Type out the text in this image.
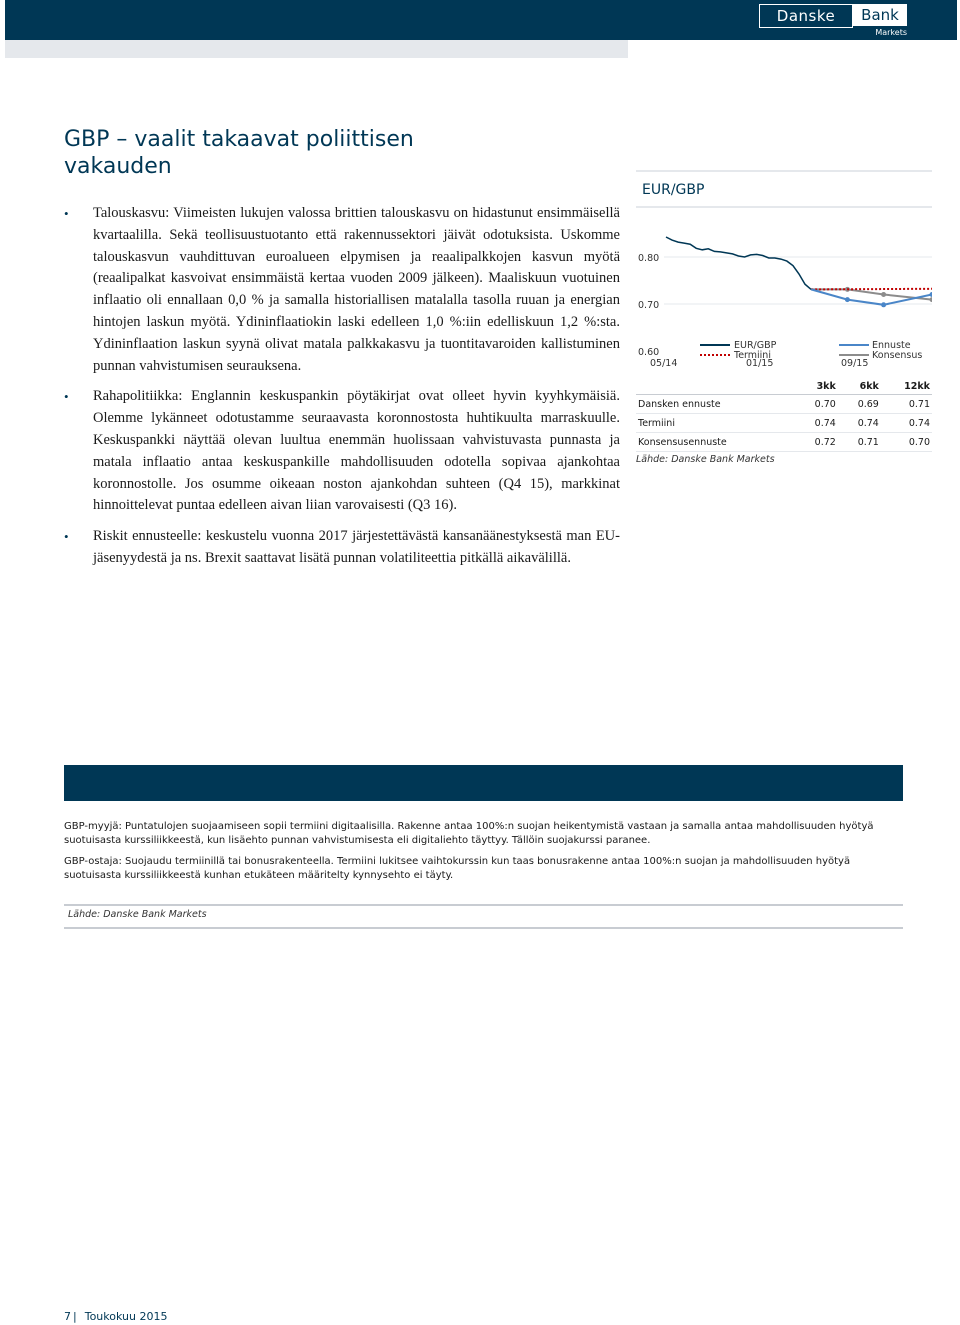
Danske	Bank
Markets
GBP – vaalit takaavat poliittisen vakauden
• Talouskasvu: Viimeisten lukujen valossa brittien talouskasvu on hidastunut ensimmäisellä kvartaalilla. Sekä teollisuustuotanto että rakennussektori jäivät odotuksista. Uskomme talouskasvun vauhdittuvan euroalueen elpymisen ja reaalipalkkojen kasvun myötä (reaalipalkat kasvoivat ensimmäistä kertaa vuoden 2009 jälkeen). Maaliskuun vuotuinen inflaatio oli ennallaan 0,0 % ja samalla historiallisen matalalla tasolla ruuan ja energian hintojen laskun myötä. Ydininflaatiokin laski edelleen 1,0 %:iin edelliskuun 1,2 %:sta. Ydininflaation laskun syynä olivat matala palkkakasvu ja tuontitavaroiden kallistuminen punnan vahvistumisen seurauksena.
• Rahapolitiikka: Englannin keskuspankin pöytäkirjat ovat olleet hyvin kyyhkymäisiä. Olemme lykänneet odotustamme seuraavasta koronnostosta huhtikuulta marraskuulle. Keskuspankki näyttää olevan luultua enemmän huolissaan vahvistuvasta punnasta ja matala inflaatio antaa keskuspankille mahdollisuuden odotella sopivaa ajankohtaa koronnostolle. Jos osumme oikeaan noston ajankohdan suhteen (Q4 15), markkinat hinnoittelevat puntaa edelleen aivan liian varovaisesti (Q3 16).
• Riskit ennusteelle: keskustelu vuonna 2017 järjestettävästä kansanäänestyksestä man EU-jäsenyydestä ja ns. Brexit saattavat lisätä punnan volatiliteettia pitkällä aikavälillä.
EUR/GBP
0.80
0.70
0.60
05/14	01/15	09/15
EUR/GBP
Termiini
Ennuste
Konsensus
	3kk	6kk	12kk
Dansken ennuste	0.70	0.69	0.71
Termiini	0.74	0.74	0.74
Konsensusennuste	0.72	0.71	0.70
Lähde: Danske Bank Markets

GBP-myyjä: Puntatulojen suojaamiseen sopii termiini digitaalisilla. Rakenne antaa 100%:n suojan heikentymistä vastaan ja samalla antaa mahdollisuuden hyötyä suotuisasta kurssiliikkeestä, kun lisäehto punnan vahvistumisesta eli digitaliehto täyttyy. Tällöin suojakurssi paranee.

GBP-ostaja: Suojaudu termiinillä tai bonusrakenteella. Termiini lukitsee vaihtokurssin kun taas bonusrakenne antaa 100%:n suojan ja mahdollisuuden hyötyä suotuisasta kurssiliikkeestä kunhan etukäteen määritelty kynnysehto ei täyty.

Lähde: Danske Bank Markets
7 | Toukokuu 2015
